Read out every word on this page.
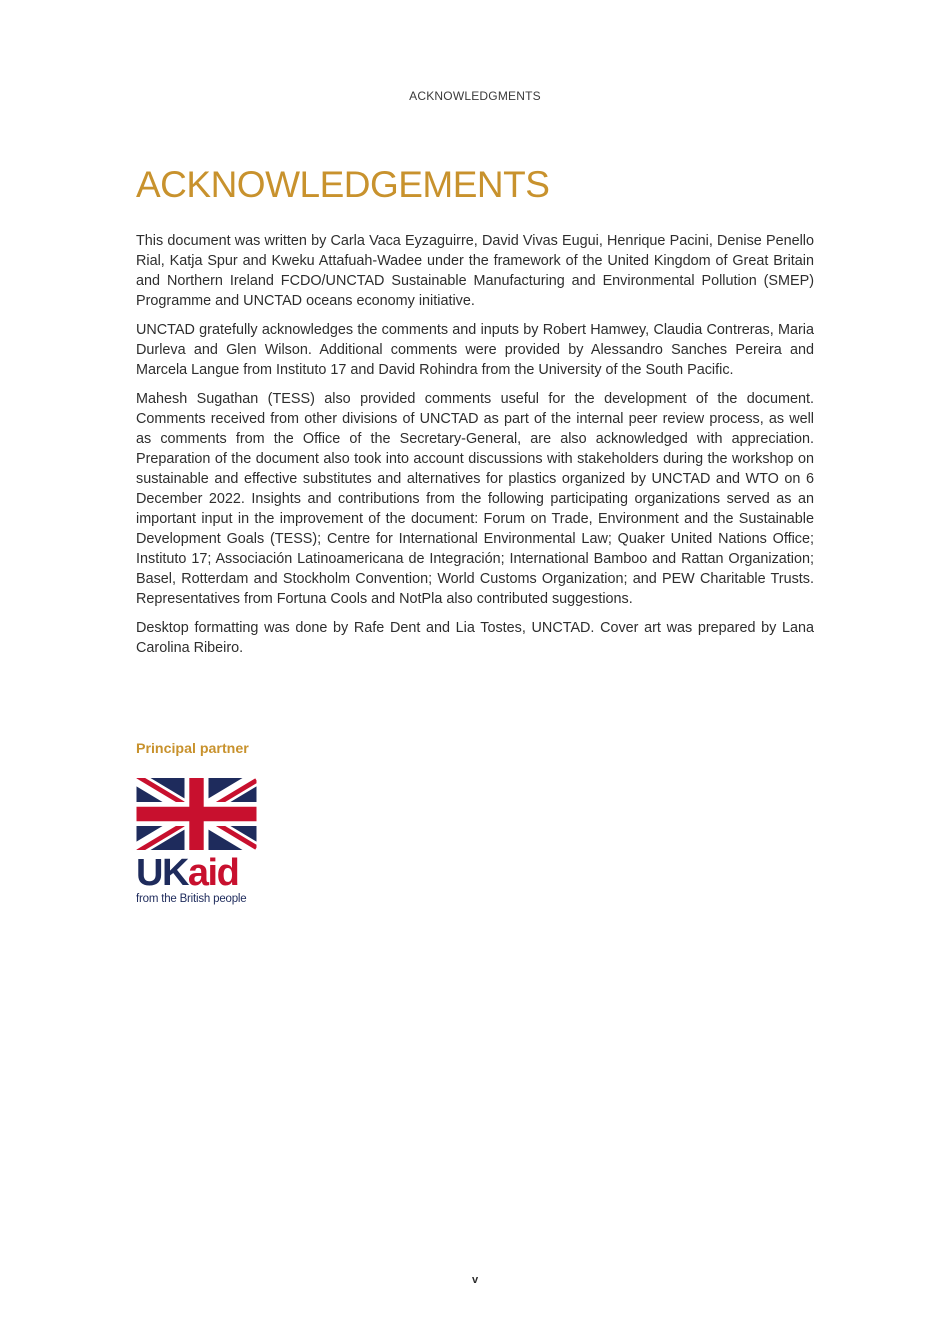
ACKNOWLEDGMENTS
ACKNOWLEDGEMENTS

This document was written by Carla Vaca Eyzaguirre, David Vivas Eugui, Henrique Pacini, Denise Penello Rial, Katja Spur and Kweku Attafuah-Wadee under the framework of the United Kingdom of Great Britain and Northern Ireland FCDO/UNCTAD Sustainable Manufacturing and Environmental Pollution (SMEP) Programme and UNCTAD oceans economy initiative.

UNCTAD gratefully acknowledges the comments and inputs by Robert Hamwey, Claudia Contreras, Maria Durleva and Glen Wilson. Additional comments were provided by Alessandro Sanches Pereira and Marcela Langue from Instituto 17 and David Rohindra from the University of the South Pacific.

Mahesh Sugathan (TESS) also provided comments useful for the development of the document. Comments received from other divisions of UNCTAD as part of the internal peer review process, as well as comments from the Office of the Secretary-General, are also acknowledged with appreciation. Preparation of the document also took into account discussions with stakeholders during the workshop on sustainable and effective substitutes and alternatives for plastics organized by UNCTAD and WTO on 6 December 2022. Insights and contributions from the following participating organizations served as an important input in the improvement of the document: Forum on Trade, Environment and the Sustainable Development Goals (TESS); Centre for International Environmental Law; Quaker United Nations Office; Instituto 17; Associación Latinoamericana de Integración; International Bamboo and Rattan Organization; Basel, Rotterdam and Stockholm Convention; World Customs Organization; and PEW Charitable Trusts. Representatives from Fortuna Cools and NotPla also contributed suggestions.

Desktop formatting was done by Rafe Dent and Lia Tostes, UNCTAD. Cover art was prepared by Lana Carolina Ribeiro.

Principal partner
UK aid
from the British people
v
